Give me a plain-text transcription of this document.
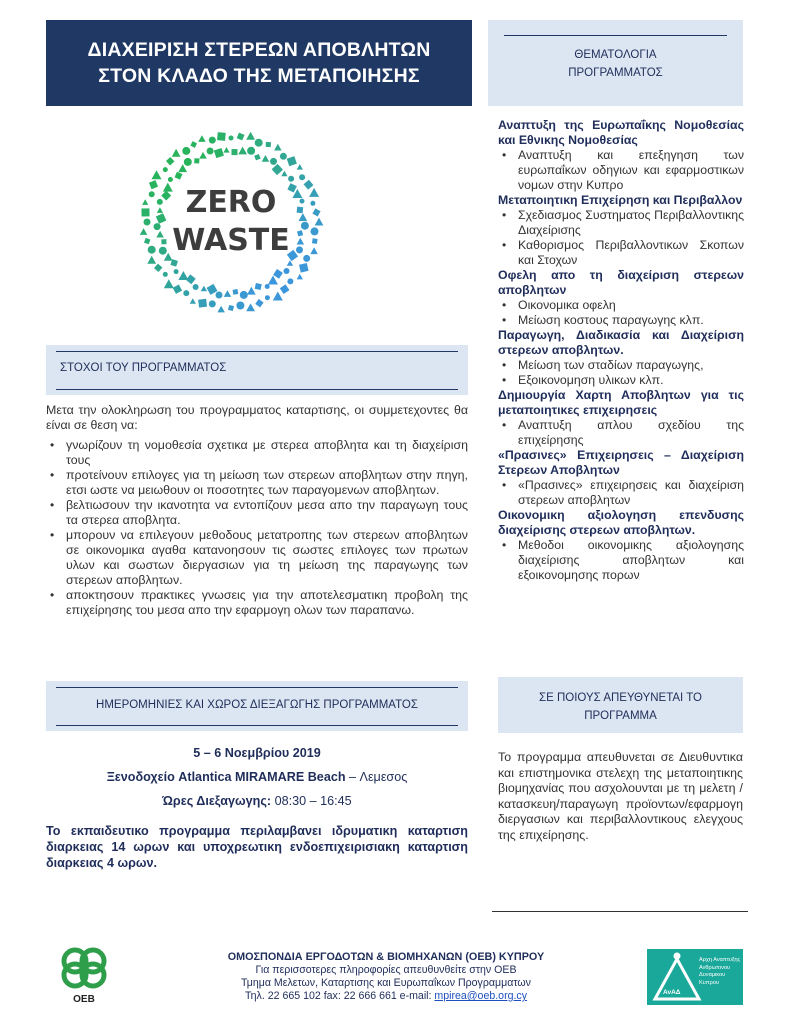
ΔΙΑΧΕΙΡΙΣΗ ΣΤΕΡΕΩΝ ΑΠΟΒΛΗΤΩΝ
ΣΤΟΝ ΚΛΑΔΟ ΤΗΣ ΜΕΤΑΠΟΙΗΣΗΣ
ZERO
WASTE
ΣΤΟΧΟΙ ΤΟΥ ΠΡΟΓΡΑΜΜΑΤΟΣ
Μετα την ολοκληρωση του προγραμματος καταρτισης, οι συμμετεχοντες θα είναι σε θεση να:
• γνωρίζουν τη νομοθεσία σχετικα με στερεα αποβλητα και τη διαχείριση τους
• προτείνουν επιλογες για τη μείωση των στερεων αποβλητων στην πηγη, ετσι ωστε να μειωθουν οι ποσοτητες των παραγομενων αποβλητων.
• βελτιωσουν την ικανοτητα να εντοπίζουν μεσα απο την παραγωγη τους τα στερεα αποβλητα.
• μπορουν να επιλεγουν μεθοδους μετατροπης των στερεων αποβλητων σε οικονομικα αγαθα κατανοησουν τις σωστες επιλογες των πρωτων υλων και σωστων διεργασιων για τη μείωση της παραγωγης των στερεων αποβλητων.
• αποκτησουν πρακτικες γνωσεις για την αποτελεσματικη προβολη της επιχείρησης του μεσα απο την εφαρμογη ολων των παραπανω.
ΗΜΕΡΟΜΗΝΙΕΣ ΚΑΙ ΧΩΡΟΣ ΔΙΕΞΑΓΩΓΗΣ ΠΡΟΓΡΑΜΜΑΤΟΣ
5 – 6 Νοεμβρίου 2019
Ξενοδοχείο Atlantica MIRAMARE Beach – Λεμεσος
Ώρες Διεξαγωγης: 08:30 – 16:45
Το εκπαιδευτικο προγραμμα περιλαμβανει ιδρυματικη καταρτιση διαρκειας 14 ωρων και υποχρεωτικη ενδοεπιχειρισιακη καταρτιση διαρκειας 4 ωρων.
ΘΕΜΑΤΟΛΟΓΙΑ
ΠΡΟΓΡΑΜΜΑΤΟΣ
Αναπτυξη της Ευρωπαΐκης Νομοθεσίας και Εθνικης Νομοθεσίας
• Αναπτυξη και επεξηγηση των ευρωπαΐκων οδηγιων και εφαρμοστικων νομων στην Κυπρο
Μεταποιητικη Επιχείρηση και Περιβαλλον
• Σχεδιασμος Συστηματος Περιβαλλοντικης Διαχείρισης
• Καθορισμος Περιβαλλοντικων Σκοπων και Στοχων
Οφελη απο τη διαχείριση στερεων αποβλητων
• Οικονομικα οφελη
• Μείωση κοστους παραγωγης κλπ.
Παραγωγη, Διαδικασία και Διαχείριση στερεων αποβλητων.
• Μείωση των σταδίων παραγωγης,
• Εξοικονομηση υλικων κλπ.
Δημιουργία Χαρτη Αποβλητων για τις μεταποιητικες επιχειρησεις
• Αναπτυξη απλου σχεδίου της επιχείρησης
«Πρασινες» Επιχειρησεις – Διαχείριση Στερεων Αποβλητων
• «Πρασινες» επιχειρησεις και διαχείριση στερεων αποβλητων
Οικονομικη αξιολογηση επενδυσης διαχείρισης στερεων αποβλητων.
• Μεθοδοι οικονομικης αξιολογησης διαχείρισης αποβλητων και εξοικονομησης πορων
ΣΕ ΠΟΙΟΥΣ ΑΠΕΥΘΥΝΕΤΑΙ ΤΟ
ΠΡΟΓΡΑΜΜΑ
Το προγραμμα απευθυνεται σε Διευθυντικα και επιστημονικα στελεχη της μεταποιητικης βιομηχανίας που ασχολουνται με τη μελετη / κατασκευη/παραγωγη προϊοντων/εφαρμογη διεργασιων και περιβαλλοντικους ελεγχους της επιχείρησης.
OEB
ΟΜΟΣΠΟΝΔΙΑ ΕΡΓΟΔΟΤΩΝ & ΒΙΟΜΗΧΑΝΩΝ (ΟΕΒ) ΚΥΠΡΟΥ
Για περισσοτερες πληροφορίες απευθυνθείτε στην ΟΕΒ
Τμημα Μελετων, Καταρτισης και Ευρωπαΐκων Προγραμματων
Τηλ. 22 665 102 fax: 22 666 661 e-mail: mpirea@oeb.org.cy	ΑνΑΔ
Αρχη Αναπτυξης
Ανθρωπινου
Δυναμικου
Κυπρου
